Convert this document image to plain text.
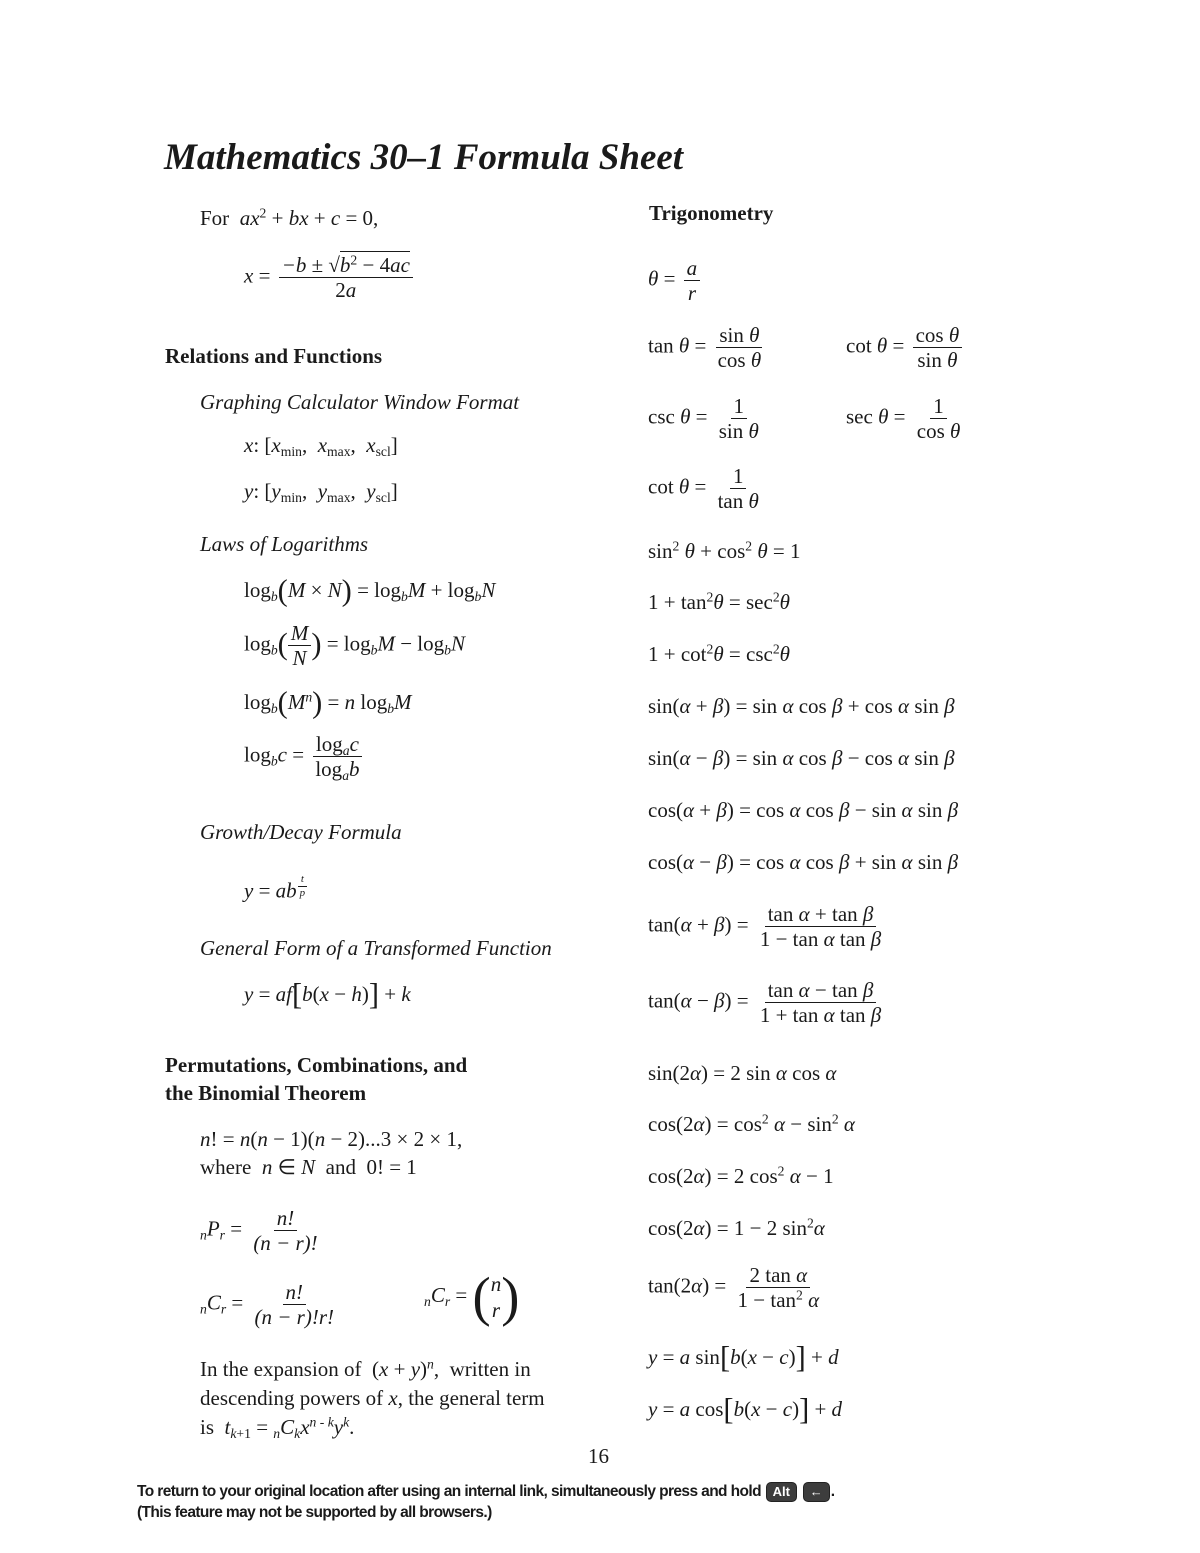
Mathematics 30–1 Formula Sheet
For  $ax^2$ + bx + c = 0,
$x = \frac{-b \pm √b^2 - 4ac}{2a}$
Relations and Functions
Graphing Calculator Window Format
x: [$x_{min}$,  $x_{max}$,  $x_{scl}$]
y: [$y_{min}$,  $y_{max}$,  $y_{scl}$]
Laws of Logarithms
$\log_b(M \times N) = \log_bM + \log_bN$
$\log_b( \frac{M}{N}$ ) = $\log_bM - \log_bN$
$\log_b(M^n) = n$ $\log_bM$
$\log_bc = \frac{\log_ac}{\log_ab}$
Growth/Decay Formula
y = ab $^{\frac{t}{p}}$
General Form of a Transformed Function
y = af[b(x − h)] + k
Permutations, Combinations, and
the Binomial Theorem
n! = n(n − 1)(n − 2)...3 × 2 × 1,
where  n ∈ N  and  0! = 1
$_nP_r = \frac{n!}{(n - r)!}$
$_nC_r = \frac{n!}{(n - r)!r!}$	$_nC_r$ = ( n
r )
In the expansion of  $(x + y)^n$,  written in
descending powers of x, the general term
is  $t_{k+1} = _nC_kx^{n - k}y^k$.
Trigonometry
$\theta = \frac{a}{r}$
$\tan \theta = \frac{\text{sin θ}}{\text{cos θ}}$	$\cot \theta = \frac{\text{cos θ}}{\text{sin θ}}$
$\csc \theta = \frac{1}{\text{sin θ}}$	$\sec \theta = \frac{1}{\text{cos θ}}$
$\cot \theta = \frac{1}{\text{tan θ}}$
$\sin^2 \theta + \cos^2 \theta = 1$
$1 + \tan^2\theta = \sec^2\theta$
$1 + \cot^2\theta = \csc^2\theta$
sin(α + β) = sin α cos β + cos α sin β
sin(α − β) = sin α cos β − cos α sin β
cos(α + β) = cos α cos β − sin α sin β
cos(α − β) = cos α cos β + sin α sin β
$\tan(\alpha + \beta) = \frac{\text{tan α + tan β}}{\text{1 − tan α tan β}}$
$\tan(\alpha - \beta) = \frac{\text{tan α − tan β}}{\text{1 + tan α tan β}}$
sin(2α) = 2 sin α cos α
$\cos(2\alpha) = \cos^2 \alpha - \sin^2 \alpha$
cos(2α) = 2 $\cos^2 \alpha - 1$
cos(2α) = 1 − 2 $\sin^2\alpha$
$\tan(2\alpha) = \frac{\text{2 tan α}}{1 - \tan^2 \alpha}$
y = a sin[b(x − c)] + d
y = a cos[b(x − c)] + d
16
To return to your original location after using an internal link, simultaneously press and hold Alt ← .
(This feature may not be supported by all browsers.)
